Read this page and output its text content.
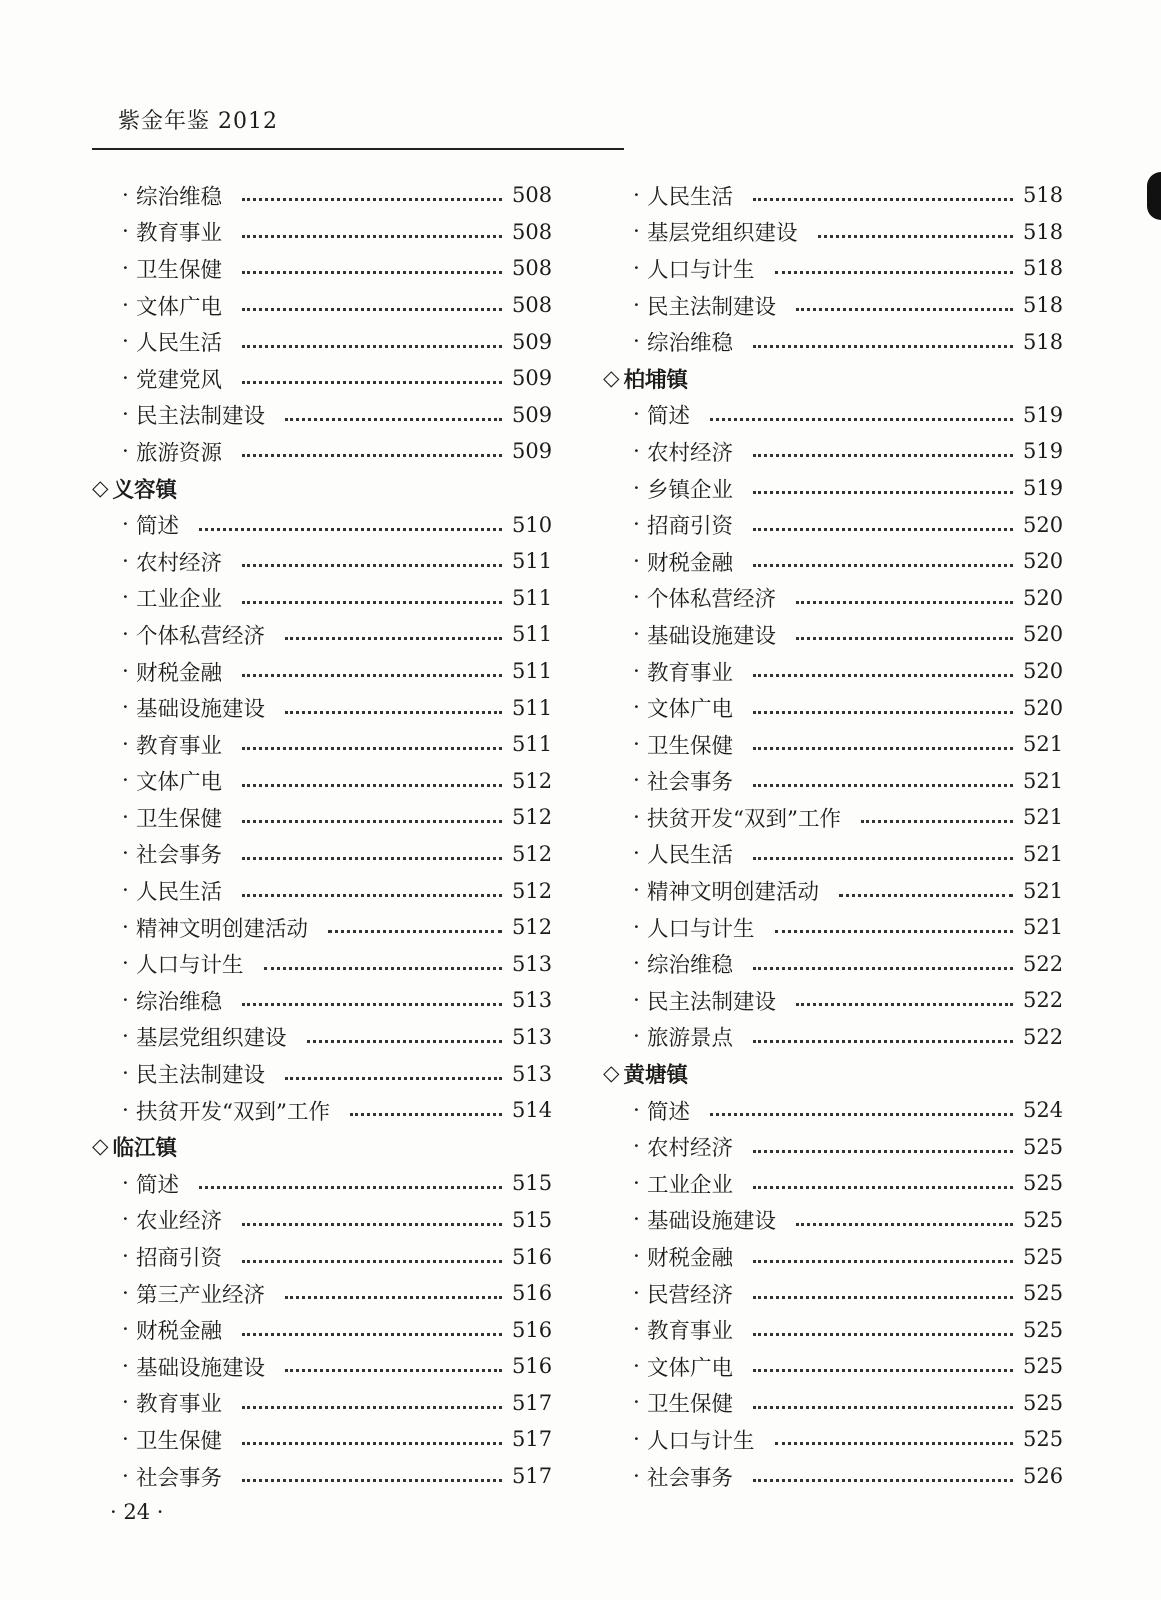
紫金年鉴 2012
· 综治维稳	508
· 教育事业	508
· 卫生保健	508
· 文体广电	508
· 人民生活	509
· 党建党风	509
· 民主法制建设	509
· 旅游资源	509
◇ 义容镇
· 简述	510
· 农村经济	511
· 工业企业	511
· 个体私营经济	511
· 财税金融	511
· 基础设施建设	511
· 教育事业	511
· 文体广电	512
· 卫生保健	512
· 社会事务	512
· 人民生活	512
· 精神文明创建活动	512
· 人口与计生	513
· 综治维稳	513
· 基层党组织建设	513
· 民主法制建设	513
· 扶贫开发“双到”工作	514
◇ 临江镇
· 简述	515
· 农业经济	515
· 招商引资	516
· 第三产业经济	516
· 财税金融	516
· 基础设施建设	516
· 教育事业	517
· 卫生保健	517
· 社会事务	517
· 人民生活	518
· 基层党组织建设	518
· 人口与计生	518
· 民主法制建设	518
· 综治维稳	518
◇ 柏埔镇
· 简述	519
· 农村经济	519
· 乡镇企业	519
· 招商引资	520
· 财税金融	520
· 个体私营经济	520
· 基础设施建设	520
· 教育事业	520
· 文体广电	520
· 卫生保健	521
· 社会事务	521
· 扶贫开发“双到”工作	521
· 人民生活	521
· 精神文明创建活动	521
· 人口与计生	521
· 综治维稳	522
· 民主法制建设	522
· 旅游景点	522
◇ 黄塘镇
· 简述	524
· 农村经济	525
· 工业企业	525
· 基础设施建设	525
· 财税金融	525
· 民营经济	525
· 教育事业	525
· 文体广电	525
· 卫生保健	525
· 人口与计生	525
· 社会事务	526
· 24 ·
